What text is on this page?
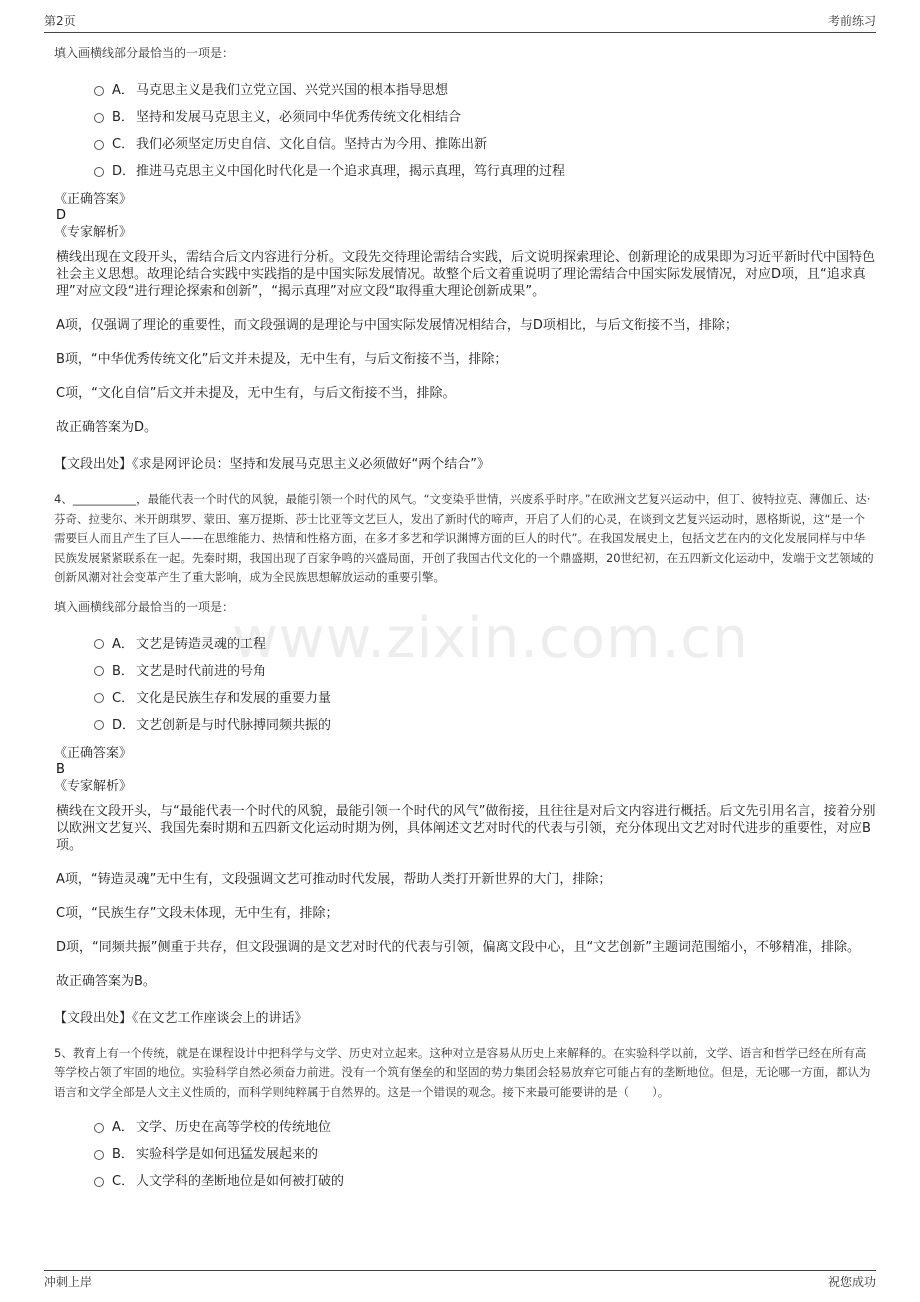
第2页	考前练习
www.zixin.com.cn
填入画横线部分最恰当的一项是：
A． 马克思主义是我们立党立国、兴党兴国的根本指导思想
B． 坚持和发展马克思主义，必须同中华优秀传统文化相结合
C． 我们必须坚定历史自信、文化自信。坚持古为今用、推陈出新
D． 推进马克思主义中国化时代化是一个追求真理，揭示真理，笃行真理的过程
《正确答案》
D
《专家解析》
横线出现在文段开头，需结合后文内容进行分析。文段先交待理论需结合实践，后文说明探索理论、创新理论的成果即为习近平新时代中国特色社会主义思想。故理论结合实践中实践指的是中国实际发展情况。故整个后文着重说明了理论需结合中国实际发展情况，对应D项，且“追求真理”对应文段“进行理论探索和创新”，“揭示真理”对应文段“取得重大理论创新成果”。
A项，仅强调了理论的重要性，而文段强调的是理论与中国实际发展情况相结合，与D项相比，与后文衔接不当，排除；
B项，“中华优秀传统文化”后文并未提及，无中生有，与后文衔接不当，排除；
C项，“文化自信”后文并未提及，无中生有，与后文衔接不当，排除。
故正确答案为D。
【文段出处】《求是网评论员：坚持和发展马克思主义必须做好“两个结合”》
4、___________，最能代表一个时代的风貌，最能引领一个时代的风气。“文变染乎世情，兴废系乎时序。”在欧洲文艺复兴运动中，但丁、彼特拉克、薄伽丘、达·芬奇、拉斐尔、米开朗琪罗、蒙田、塞万提斯、莎士比亚等文艺巨人，发出了新时代的啼声，开启了人们的心灵，在谈到文艺复兴运动时，恩格斯说，这“是一个需要巨人而且产生了巨人——在思维能力、热情和性格方面，在多才多艺和学识渊博方面的巨人的时代”。在我国发展史上，包括文艺在内的文化发展同样与中华民族发展紧紧联系在一起。先秦时期，我国出现了百家争鸣的兴盛局面，开创了我国古代文化的一个鼎盛期，20世纪初，在五四新文化运动中，发端于文艺领域的创新风潮对社会变革产生了重大影响，成为全民族思想解放运动的重要引擎。
填入画横线部分最恰当的一项是：
A． 文艺是铸造灵魂的工程
B． 文艺是时代前进的号角
C． 文化是民族生存和发展的重要力量
D． 文艺创新是与时代脉搏同频共振的
《正确答案》
B
《专家解析》
横线在文段开头，与“最能代表一个时代的风貌，最能引领一个时代的风气”做衔接，且往往是对后文内容进行概括。后文先引用名言，接着分别以欧洲文艺复兴、我国先秦时期和五四新文化运动时期为例，具体阐述文艺对时代的代表与引领，充分体现出文艺对时代进步的重要性，对应B项。
A项，“铸造灵魂”无中生有，文段强调文艺可推动时代发展，帮助人类打开新世界的大门，排除；
C项，“民族生存”文段未体现，无中生有，排除；
D项，“同频共振”侧重于共存，但文段强调的是文艺对时代的代表与引领，偏离文段中心，且“文艺创新”主题词范围缩小，不够精准，排除。
故正确答案为B。
【文段出处】《在文艺工作座谈会上的讲话》
5、教育上有一个传统，就是在课程设计中把科学与文学、历史对立起来。这种对立是容易从历史上来解释的。在实验科学以前，文学、语言和哲学已经在所有高等学校占领了牢固的地位。实验科学自然必须奋力前进。没有一个筑有堡垒的和坚固的势力集团会轻易放弃它可能占有的垄断地位。但是，无论哪一方面，都认为语言和文学全部是人文主义性质的，而科学则纯粹属于自然界的。这是一个错误的观念。接下来最可能要讲的是（　　）。
A． 文学、历史在高等学校的传统地位
B． 实验科学是如何迅猛发展起来的
C． 人文学科的垄断地位是如何被打破的
冲刺上岸	祝您成功
